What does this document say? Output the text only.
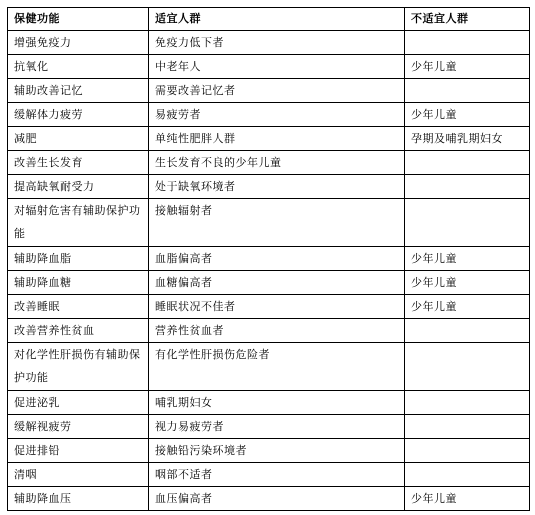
保健功能	适宜人群	不适宜人群
增强免疫力	免疫力低下者	
抗氧化	中老年人	少年儿童
辅助改善记忆	需要改善记忆者	
缓解体力疲劳	易疲劳者	少年儿童
减肥	单纯性肥胖人群	孕期及哺乳期妇女
改善生长发育	生长发育不良的少年儿童	
提高缺氧耐受力	处于缺氧环境者	
对辐射危害有辅助保护功能	接触辐射者	
辅助降血脂	血脂偏高者	少年儿童
辅助降血糖	血糖偏高者	少年儿童
改善睡眠	睡眠状况不佳者	少年儿童
改善营养性贫血	营养性贫血者	
对化学性肝损伤有辅助保护功能	有化学性肝损伤危险者	
促进泌乳	哺乳期妇女	
缓解视疲劳	视力易疲劳者	
促进排铅	接触铅污染环境者	
清咽	咽部不适者	
辅助降血压	血压偏高者	少年儿童
